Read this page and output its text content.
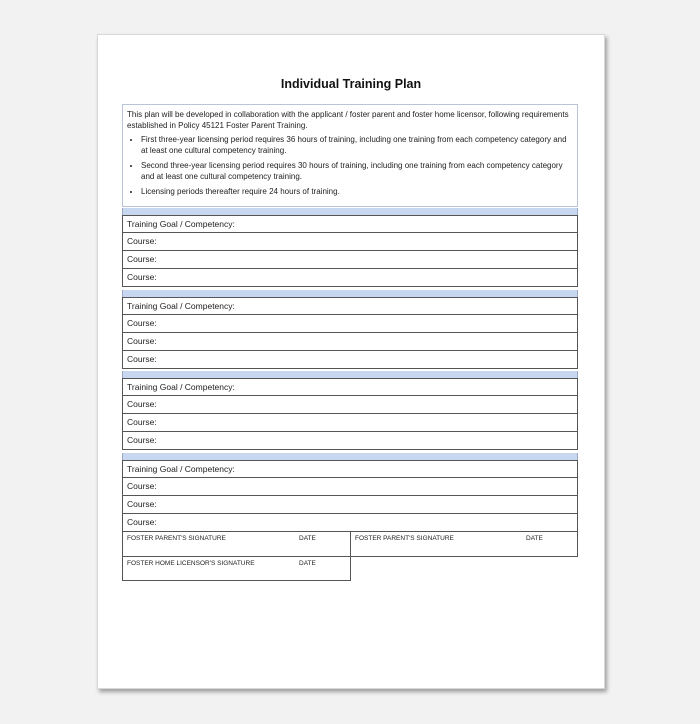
Individual Training Plan
This plan will be developed in collaboration with the applicant / foster parent and foster home licensor, following requirements established in Policy 45121 Foster Parent Training.
• First three-year licensing period requires 36 hours of training, including one training from each competency category and at least one cultural competency training.
• Second three-year licensing period requires 30 hours of training, including one training from each competency category and at least one cultural competency training.
• Licensing periods thereafter require 24 hours of training.
Training Goal / Competency:
Course:
Course:
Course:
Training Goal / Competency:
Course:
Course:
Course:
Training Goal / Competency:
Course:
Course:
Course:
Training Goal / Competency:
Course:
Course:
Course:
FOSTER PARENT'S SIGNATURE	DATE	FOSTER PARENT'S SIGNATURE	DATE
FOSTER HOME LICENSOR'S SIGNATURE	DATE
